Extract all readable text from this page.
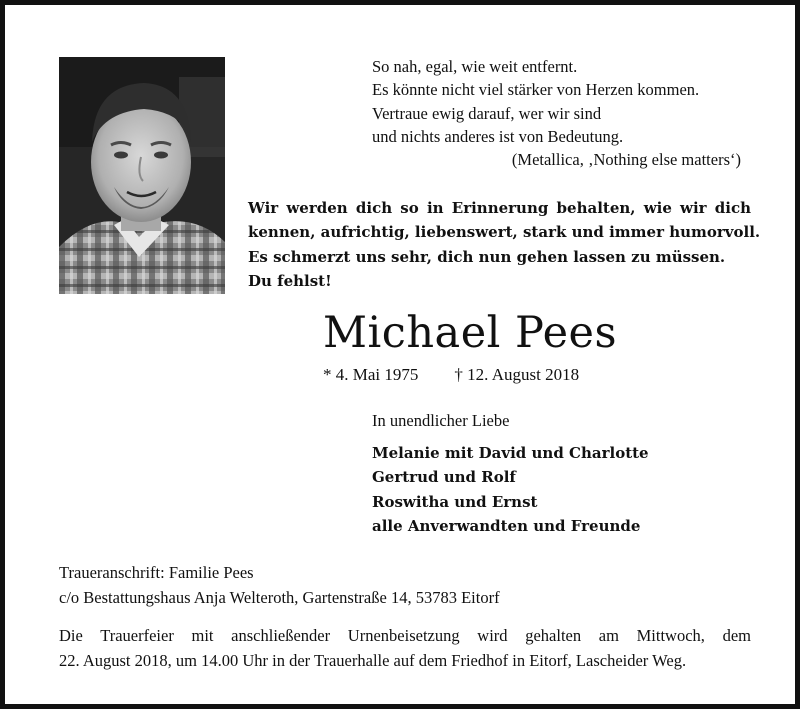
So nah, egal, wie weit entfernt.
Es könnte nicht viel stärker von Herzen kommen.
Vertraue ewig darauf, wer wir sind
und nichts anderes ist von Bedeutung.
(Metallica, ‚Nothing else matters‘)
Wir werden dich so in Erinnerung behalten, wie wir dich
kennen, aufrichtig, liebenswert, stark und immer humorvoll.
Es schmerzt uns sehr, dich nun gehen lassen zu müssen.
Du fehlst!
Michael Pees
* 4. Mai 1975 † 12. August 2018
In unendlicher Liebe
Melanie mit David und Charlotte
Gertrud und Rolf
Roswitha und Ernst
alle Anverwandten und Freunde
Traueranschrift: Familie Pees
c/o Bestattungshaus Anja Welteroth, Gartenstraße 14, 53783 Eitorf
Die Trauerfeier mit anschließender Urnenbeisetzung wird gehalten am Mittwoch, dem
22. August 2018, um 14.00 Uhr in der Trauerhalle auf dem Friedhof in Eitorf, Lascheider Weg.
